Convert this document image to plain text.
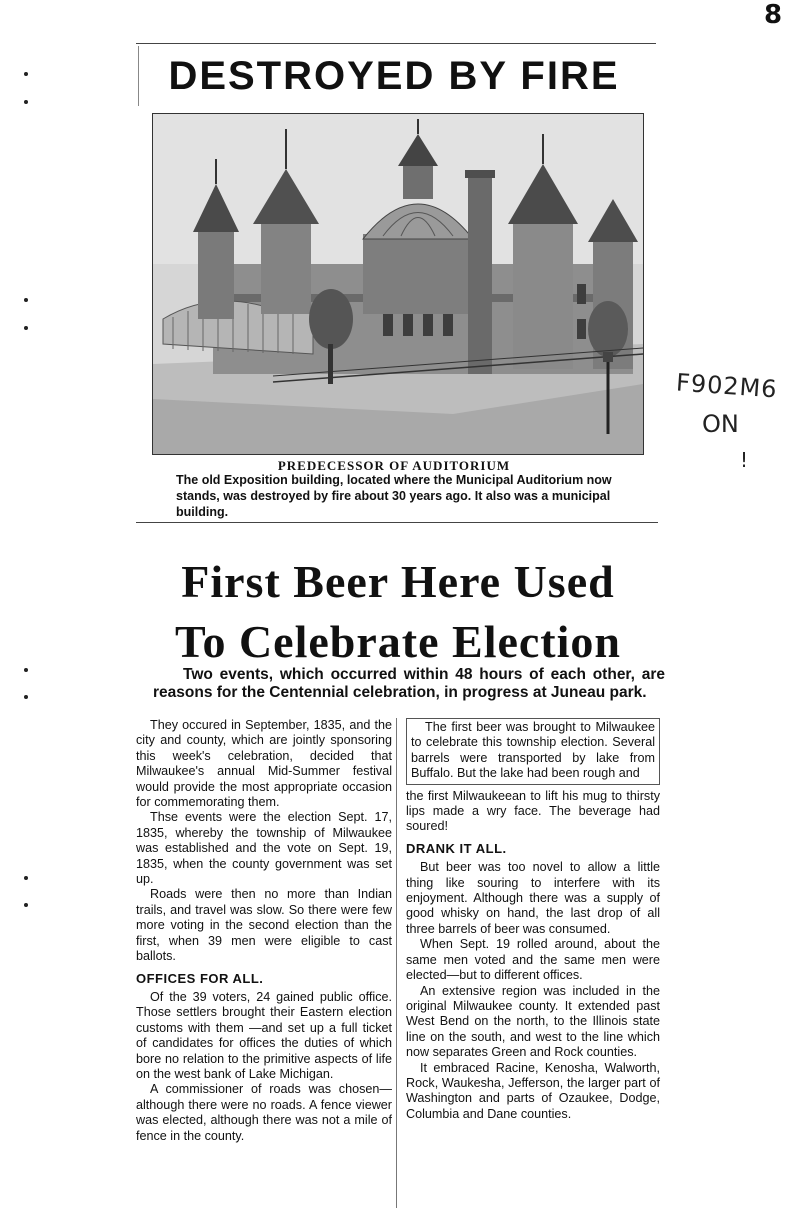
8
DESTROYED BY FIRE
PREDECESSOR OF AUDITORIUM
The old Exposition building, located where the Municipal Auditorium now stands, was destroyed by fire about 30 years ago. It also was a municipal building.
First Beer Here Used
To Celebrate Election

Two events, which occurred within 48 hours of each other, are reasons for the Centennial celebration, in progress at Juneau park.

They occured in September, 1835, and the city and county, which are jointly sponsoring this week's celebration, decided that Milwaukee's annual Mid-Summer festival would provide the most appropriate occasion for commemorating them.

Thse events were the election Sept. 17, 1835, whereby the township of Milwaukee was established and the vote on Sept. 19, 1835, when the county government was set up.

Roads were then no more than Indian trails, and travel was slow. So there were few more voting in the second election than the first, when 39 men were eligible to cast ballots.

OFFICES FOR ALL.

Of the 39 voters, 24 gained public office. Those settlers brought their Eastern election customs with them —and set up a full ticket of candidates for offices the duties of which bore no relation to the primitive aspects of life on the west bank of Lake Michigan.

A commissioner of roads was chosen—although there were no roads. A fence viewer was elected, although there was not a mile of fence in the county.

The first beer was brought to Milwaukee to celebrate this township election. Several barrels were transported by lake from Buffalo. But the lake had been rough and

the first Milwaukeean to lift his mug to thirsty lips made a wry face. The beverage had soured!

DRANK IT ALL.

But beer was too novel to allow a little thing like souring to interfere with its enjoyment. Although there was a supply of good whisky on hand, the last drop of all three barrels of beer was consumed.

When Sept. 19 rolled around, about the same men voted and the same men were elected—but to different offices.

An extensive region was included in the original Milwaukee county. It extended past West Bend on the north, to the Illinois state line on the south, and west to the line which now separates Green and Rock counties.

It embraced Racine, Kenosha, Walworth, Rock, Waukesha, Jefferson, the larger part of Washington and parts of Ozaukee, Dodge, Columbia and Dane counties.

F902M6
ON
!
